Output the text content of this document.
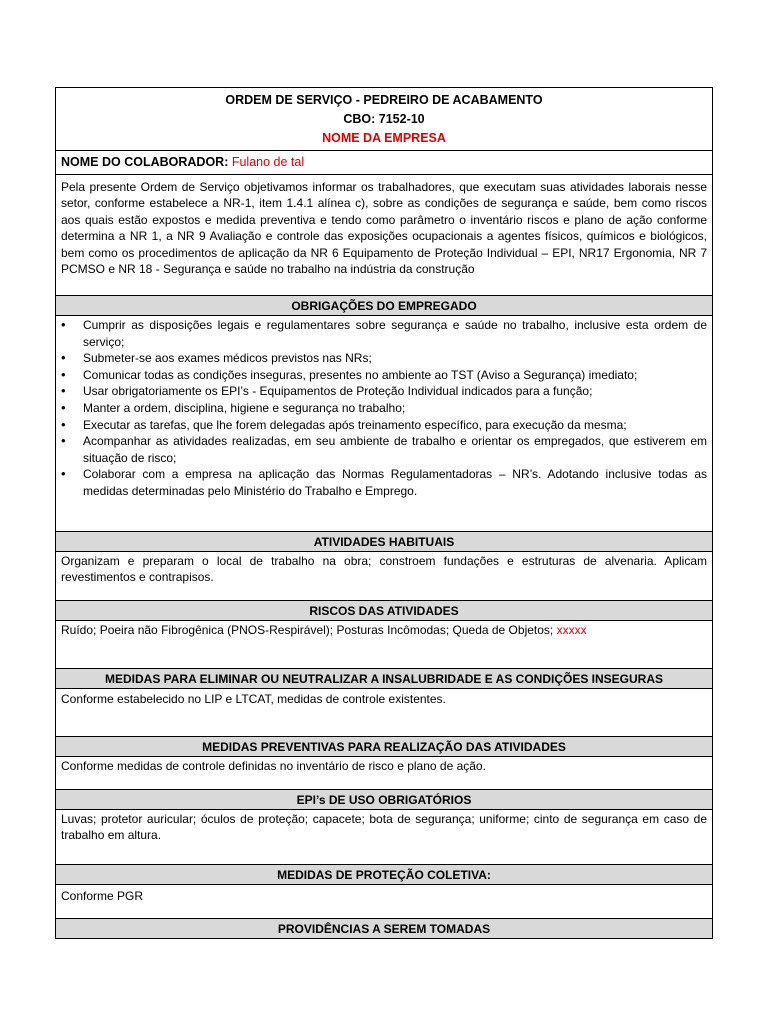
ORDEM DE SERVIÇO - PEDREIRO DE ACABAMENTO
CBO: 7152-10
NOME DA EMPRESA
NOME DO COLABORADOR: Fulano de tal
Pela presente Ordem de Serviço objetivamos informar os trabalhadores, que executam suas atividades laborais nesse setor, conforme estabelece a NR-1, item 1.4.1 alínea c), sobre as condições de segurança e saúde, bem como riscos aos quais estão expostos e medida preventiva e tendo como parâmetro o inventário riscos e plano de ação conforme determina a NR 1, a NR 9 Avaliação e controle das exposições ocupacionais a agentes físicos, químicos e biológicos, bem como os procedimentos de aplicação da NR 6 Equipamento de Proteção Individual – EPI, NR17 Ergonomia, NR 7 PCMSO e NR 18 - Segurança e saúde no trabalho na indústria da construção
OBRIGAÇÕES DO EMPREGADO
• Cumprir as disposições legais e regulamentares sobre segurança e saúde no trabalho, inclusive esta ordem de serviço;
• Submeter-se aos exames médicos previstos nas NRs;
• Comunicar todas as condições inseguras, presentes no ambiente ao TST (Aviso a Segurança) imediato;
• Usar obrigatoriamente os EPI’s - Equipamentos de Proteção Individual indicados para a função;
• Manter a ordem, disciplina, higiene e segurança no trabalho;
• Executar as tarefas, que lhe forem delegadas após treinamento específico, para execução da mesma;
• Acompanhar as atividades realizadas, em seu ambiente de trabalho e orientar os empregados, que estiverem em situação de risco;
• Colaborar com a empresa na aplicação das Normas Regulamentadoras – NR’s. Adotando inclusive todas as medidas determinadas pelo Ministério do Trabalho e Emprego.
ATIVIDADES HABITUAIS
Organizam e preparam o local de trabalho na obra; constroem fundações e estruturas de alvenaria. Aplicam revestimentos e contrapisos.
RISCOS DAS ATIVIDADES
Ruído; Poeira não Fibrogênica (PNOS-Respirável); Posturas Incômodas; Queda de Objetos; xxxxx
MEDIDAS PARA ELIMINAR OU NEUTRALIZAR A INSALUBRIDADE E AS CONDIÇÕES INSEGURAS
Conforme estabelecido no LIP e LTCAT, medidas de controle existentes.
MEDIDAS PREVENTIVAS PARA REALIZAÇÃO DAS ATIVIDADES
Conforme medidas de controle definidas no inventário de risco e plano de ação.
EPI’s DE USO OBRIGATÓRIOS
Luvas; protetor auricular; óculos de proteção; capacete; bota de segurança; uniforme; cinto de segurança em caso de trabalho em altura.
MEDIDAS DE PROTEÇÃO COLETIVA:
Conforme PGR
PROVIDÊNCIAS A SEREM TOMADAS
